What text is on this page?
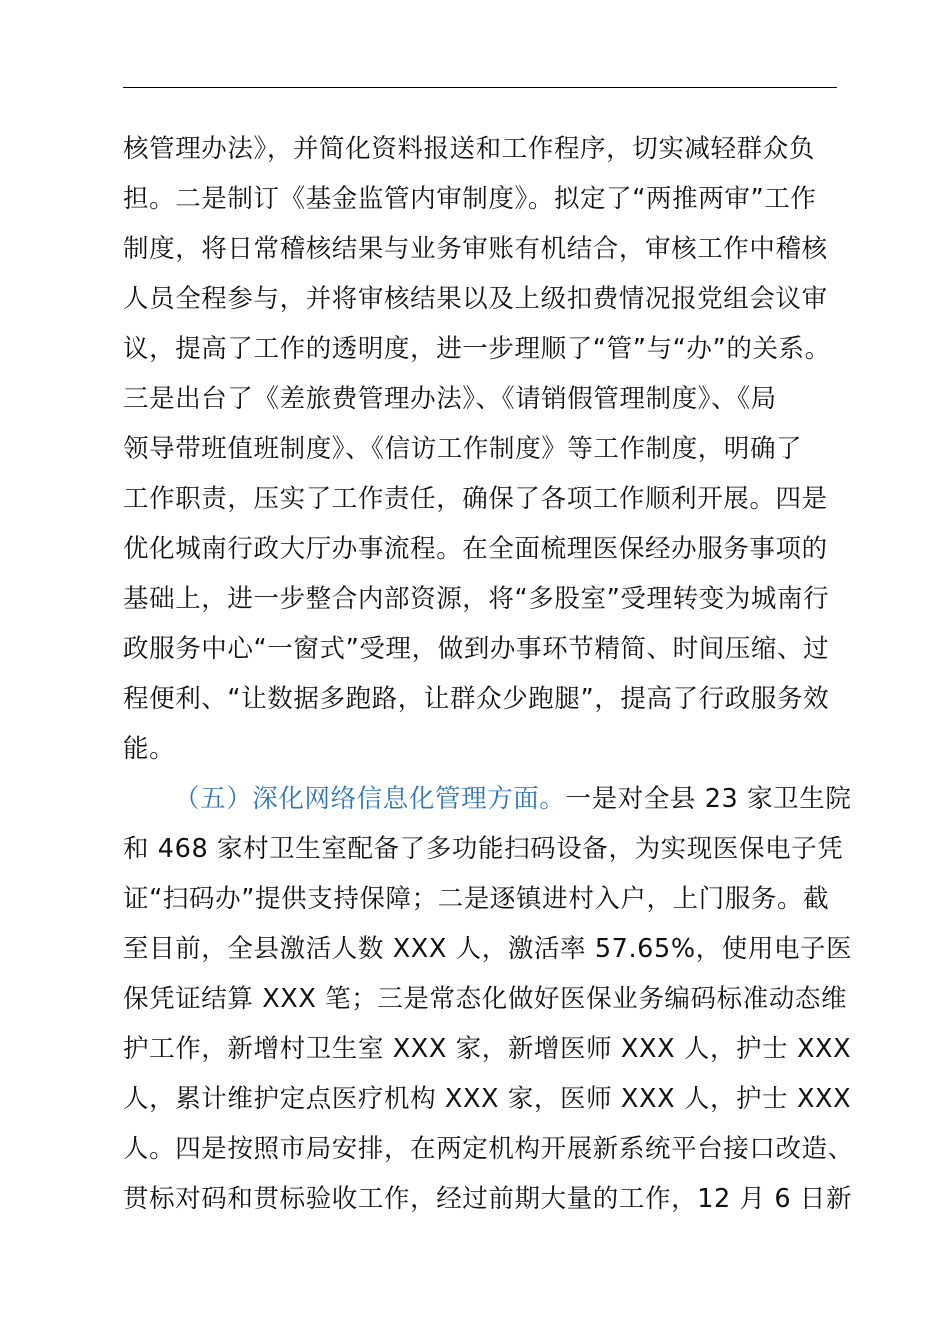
核管理办法》，并简化资料报送和工作程序，切实减轻群众负
担。二是制订《基金监管内审制度》。拟定了“两推两审”工作
制度，将日常稽核结果与业务审账有机结合，审核工作中稽核
人员全程参与，并将审核结果以及上级扣费情况报党组会议审
议，提高了工作的透明度，进一步理顺了“管”与“办”的关系。
三是出台了《差旅费管理办法》、《请销假管理制度》、《局
领导带班值班制度》、《信访工作制度》等工作制度，明确了
工作职责，压实了工作责任，确保了各项工作顺利开展。四是
优化城南行政大厅办事流程。在全面梳理医保经办服务事项的
基础上，进一步整合内部资源，将“多股室”受理转变为城南行
政服务中心“一窗式”受理，做到办事环节精简、时间压缩、过
程便利、“让数据多跑路，让群众少跑腿”，提高了行政服务效
能。
（五）深化网络信息化管理方面。一是对全县 23 家卫生院
和 468 家村卫生室配备了多功能扫码设备，为实现医保电子凭
证“扫码办”提供支持保障；二是逐镇进村入户，上门服务。截
至目前，全县激活人数 XXX 人，激活率 57.65%，使用电子医
保凭证结算 XXX 笔；三是常态化做好医保业务编码标准动态维
护工作，新增村卫生室 XXX 家，新增医师 XXX 人，护士 XXX
人，累计维护定点医疗机构 XXX 家，医师 XXX 人，护士 XXX
人。四是按照市局安排，在两定机构开展新系统平台接口改造、
贯标对码和贯标验收工作，经过前期大量的工作，12 月 6 日新
